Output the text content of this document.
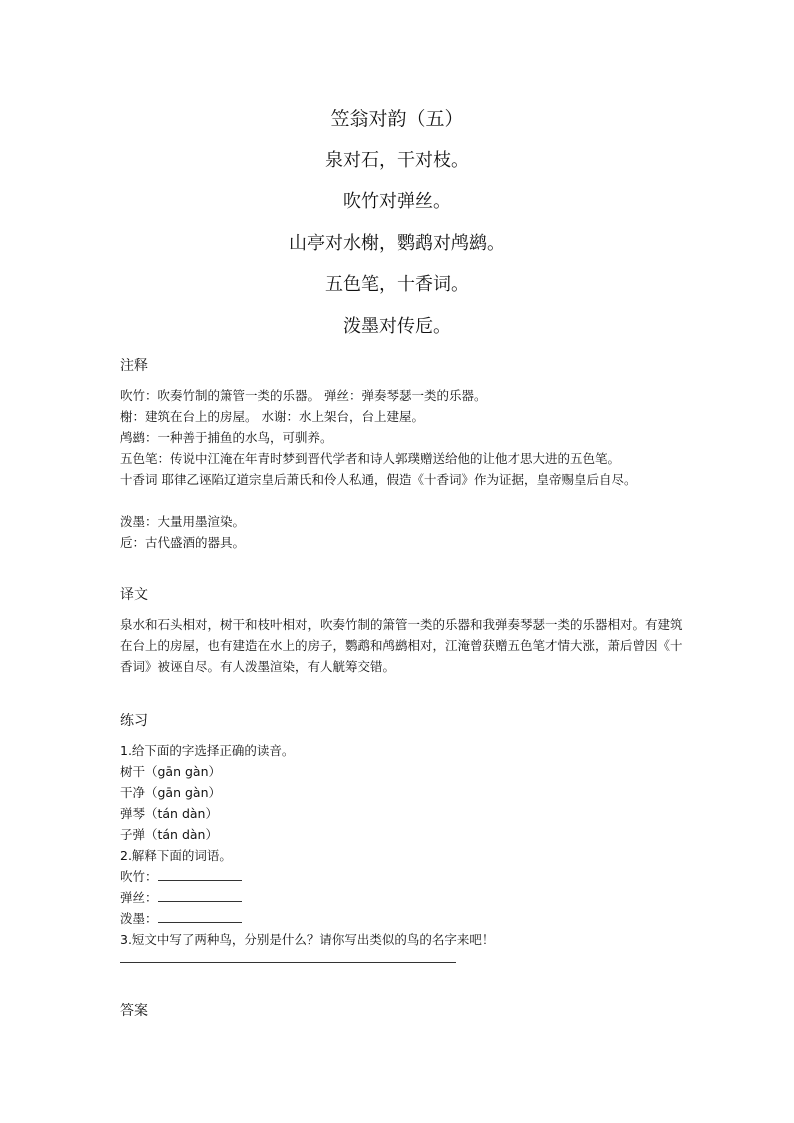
笠翁对韵（五）
泉对石，干对枝。
吹竹对弹丝。
山亭对水榭，鹦鹉对鸬鹚。
五色笔，十香词。
泼墨对传卮。
注释
吹竹：吹奏竹制的箫管一类的乐器。 弹丝：弹奏琴瑟一类的乐器。
榭：建筑在台上的房屋。 水谢：水上架台，台上建屋。
鸬鹚：一种善于捕鱼的水鸟，可驯养。
五色笔：传说中江淹在年青时梦到晋代学者和诗人郭璞赠送给他的让他才思大进的五色笔。
十香词 耶律乙诬陷辽道宗皇后萧氏和伶人私通，假造《十香词》作为证据，皇帝赐皇后自尽。
泼墨：大量用墨渲染。
卮：古代盛酒的器具。
译文
泉水和石头相对，树干和枝叶相对，吹奏竹制的箫管一类的乐器和我弹奏琴瑟一类的乐器相对。有建筑在台上的房屋，也有建造在水上的房子，鹦鹉和鸬鹚相对，江淹曾获赠五色笔才情大涨，萧后曾因《十香词》被诬自尽。有人泼墨渲染，有人觥筹交错。
练习
1.给下面的字选择正确的读音。
树干（gān gàn）
干净（gān gàn）
弹琴（tán dàn）
子弹（tán dàn）
2.解释下面的词语。
吹竹：
弹丝：
泼墨：
3.短文中写了两种鸟，分别是什么？请你写出类似的鸟的名字来吧！
答案
